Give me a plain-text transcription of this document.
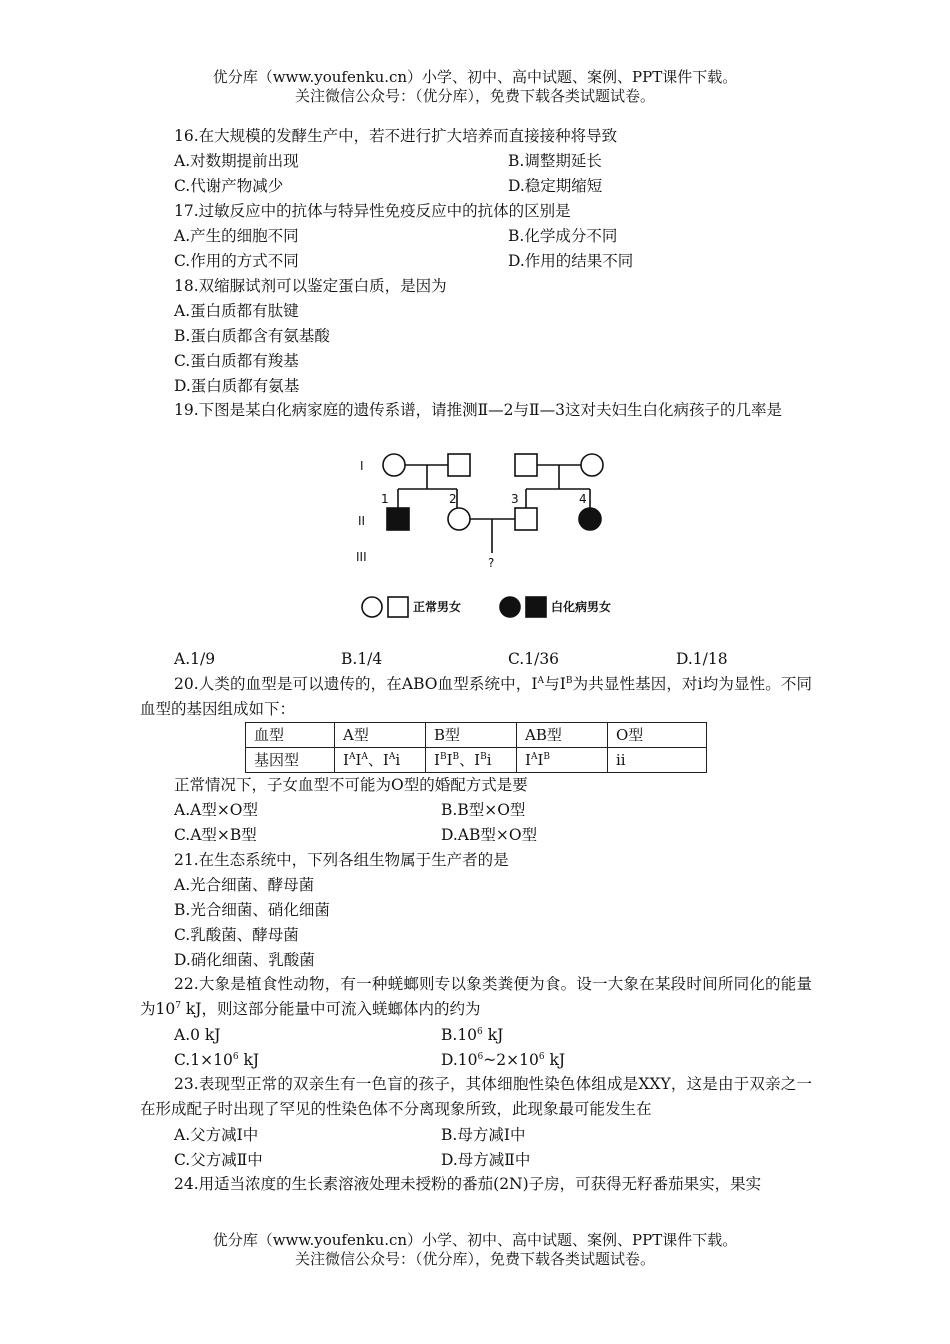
优分库（www.youfenku.cn）小学、初中、高中试题、案例、PPT课件下载。
关注微信公众号：（优分库），免费下载各类试题试卷。
16.在大规模的发酵生产中，若不进行扩大培养而直接接种将导致
A.对数期提前出现	B.调整期延长
C.代谢产物减少	D.稳定期缩短
17.过敏反应中的抗体与特异性免疫反应中的抗体的区别是
A.产生的细胞不同	B.化学成分不同
C.作用的方式不同	D.作用的结果不同
18.双缩脲试剂可以鉴定蛋白质，是因为
A.蛋白质都有肽键
B.蛋白质都含有氨基酸
C.蛋白质都有羧基
D.蛋白质都有氨基
19.下图是某白化病家庭的遗传系谱，请推测Ⅱ—2与Ⅱ—3这对夫妇生白化病孩子的几率是
I
II
III
1	2	3	4
?
正常男女	白化病男女
A.1/9	B.1/4	C.1/36	D.1/18
20.人类的血型是可以遗传的，在ABO血型系统中，$I^A$与$I^B$为共显性基因，对i均为显性。不同血型的基因组成如下：
血型	A型	B型	AB型	O型
基因型	$I^AI^A$、$I^Ai$	$I^BI^B$、$I^Bi$	$I^AI^B$	ii
正常情况下，子女血型不可能为O型的婚配方式是要
A.A型×O型	B.B型×O型
C.A型×B型	D.AB型×O型
21.在生态系统中，下列各组生物属于生产者的是
A.光合细菌、酵母菌
B.光合细菌、硝化细菌
C.乳酸菌、酵母菌
D.硝化细菌、乳酸菌
22.大象是植食性动物，有一种蜣螂则专以象类粪便为食。设一大象在某段时间所同化的能量为$10^7$ kJ，则这部分能量中可流入蜣螂体内的约为
A.0 kJ	$B.10^6$ kJ
$C.1\times 10^6$ kJ	$D.10^6\sim 2\times 10^6$ kJ
23.表现型正常的双亲生有一色盲的孩子，其体细胞性染色体组成是XXY，这是由于双亲之一在形成配子时出现了罕见的性染色体不分离现象所致，此现象最可能发生在
A.父方减Ⅰ中	B.母方减Ⅰ中
C.父方减Ⅱ中	D.母方减Ⅱ中
24.用适当浓度的生长素溶液处理未授粉的番茄(2N)子房，可获得无籽番茄果实，果实
优分库（www.youfenku.cn）小学、初中、高中试题、案例、PPT课件下载。
关注微信公众号：（优分库），免费下载各类试题试卷。
